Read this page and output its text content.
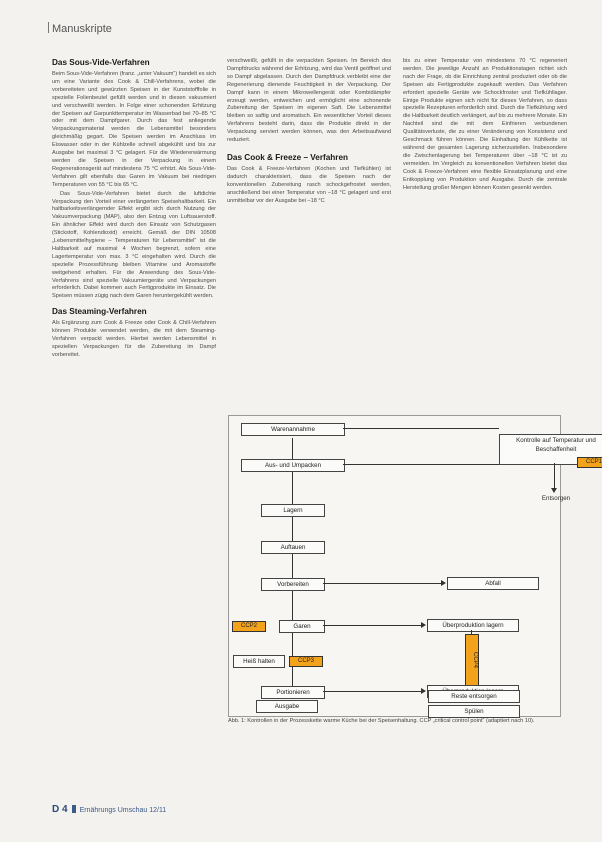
Manuskripte
Das Sous-Vide-Verfahren

Beim Sous-Vide-Verfahren (franz. „unter Vakuum“) handelt es sich um eine Variante des Cook & Chill-Verfahrens, wobei die vorbereiteten und gewürzten Speisen in der Kunststofffolie in spezielle Folienbeutel gefüllt werden und in diesen vakuumiert und verschweißt werden. In Folge einer schonenden Erhitzung der Speisen auf Garpunkttemperatur im Wasserbad bei 70–85 °C oder mit dem Dampfgarer. Durch das fest anliegende Verpackungsmaterial werden die Lebensmittel besonders gleichmäßig gegart. Die Speisen werden im Anschluss im Eiswasser oder in der Kühlzelle schnell abgekühlt und bis zur Ausgabe bei maximal 3 °C gelagert. Für die Wiedererwärmung werden die Speisen in der Verpackung in einem Regenerationsgerät auf mindestens 75 °C erhitzt. Als Sous-Vide-Verfahren gilt ebenfalls das Garen im Vakuum bei niedrigen Temperaturen von 55 °C bis 65 °C.

Das Sous-Vide-Verfahren bietet durch die luftdichte Verpackung den Vorteil einer verlängerten Speisehaltbarkeit. Ein haltbarkeitsverlängernder Effekt ergibt sich durch Nutzung der Vakuumverpackung (MAP), also den Entzug von Luftsauerstoff. Ein ähnlicher Effekt wird durch den Einsatz von Schutzgasen (Stickstoff, Kohlendioxid) erreicht. Gemäß der DIN 10508 „Lebensmittelhygiene – Temperaturen für Lebensmittel“ ist die Haltbarkeit auf maximal 4 Wochen begrenzt, sofern eine Lagertemperatur von max. 3 °C eingehalten wird. Durch die spezielle Prozessführung bleiben Vitamine und Aromastoffe weitgehend erhalten. Für die Anwendung des Sous-Vide-Verfahrens sind spezielle Vakuumiergeräte und Verpackungen erforderlich. Dabei kommen auch Fertigprodukte im Einsatz. Die Speisen müssen zügig nach dem Garen heruntergekühlt werden.

Das Steaming-Verfahren

Als Ergänzung zum Cook & Freeze oder Cook & Chill-Verfahren können Produkte verwendet werden, die mit dem Steaming-Verfahren verpackt werden. Hierbei werden Lebensmittel in speziellen Verpackungen für die Zubereitung im Dampf vorbereitet.

verschweißt, gefüllt in die verpackten Speisen. Im Bereich des Dampfdrucks während der Erhitzung, wird das Ventil geöffnet und so Dampf abgelassen. Durch den Dampfdruck verbleibt eine der Regenerierung dienende Feuchtigkeit in der Verpackung. Der Dampf kann in einem Mikrowellengerät oder Kombidämpfer erzeugt werden, entweichen und ermöglicht eine schonende Zubereitung der Speisen im eigenen Saft. Die Lebensmittel bleiben so saftig und aromatisch. Ein wesentlicher Vorteil dieses Verfahrens besteht darin, dass die Produkte direkt in der Verpackung serviert werden können, was den Arbeitsaufwand reduziert.

Das Cook & Freeze – Verfahren

Das Cook & Freeze-Verfahren (Kochen und Tiefkühlen) ist dadurch charakterisiert, dass die Speisen nach der konventionellen Zubereitung rasch schockgefrostet werden, anschließend bei einer Temperatur von –18 °C gelagert und erst unmittelbar vor der Ausgabe bei –18 °C

bis zu einer Temperatur von mindestens 70 °C regeneriert werden. Die jeweilige Anzahl an Produktionstagen richtet sich nach der Frage, ob die Einrichtung zentral produziert oder ob die Speisen als Fertigprodukte zugekauft werden. Das Verfahren erfordert spezielle Geräte wie Schockfroster und Tiefkühllager. Einige Produkte eignen sich nicht für dieses Verfahren, so dass spezielle Rezepturen erforderlich sind. Durch die Tiefkühlung wird die Haltbarkeit deutlich verlängert, auf bis zu mehrere Monate. Ein Nachteil sind die mit dem Einfrieren verbundenen Qualitätsverluste, die zu einer Veränderung von Konsistenz und Geschmack führen können. Die Einhaltung der Kühlkette ist während der gesamten Lagerung sicherzustellen. Insbesondere die Zwischenlagerung bei Temperaturen über –18 °C ist zu vermeiden. Im Vergleich zu konventionellen Verfahren bietet das Cook & Freeze-Verfahren eine flexible Einsatzplanung und eine Entkopplung von Produktion und Ausgabe. Durch die zentrale Herstellung großer Mengen können Kosten gesenkt werden.

Warenannahme
Aus- und Umpacken
Lagern
Auftauen
Vorbereiten
Garen
CCP2
Heiß halten	CCP3
Portionieren
Kontrolle auf Temperatur und Beschaffenheit
CCP1
Entsorgen
Abfall
Überproduktion lagern
CCP4
Ausgabe
Reste entsorgen
Spülen
Abb. 1: Kontrollen in der Prozesskette warme Küche bei der Speisenhaltung. CCP „critical control point“ (adaptiert nach 10).
D 4 Ernährungs Umschau 12/11
